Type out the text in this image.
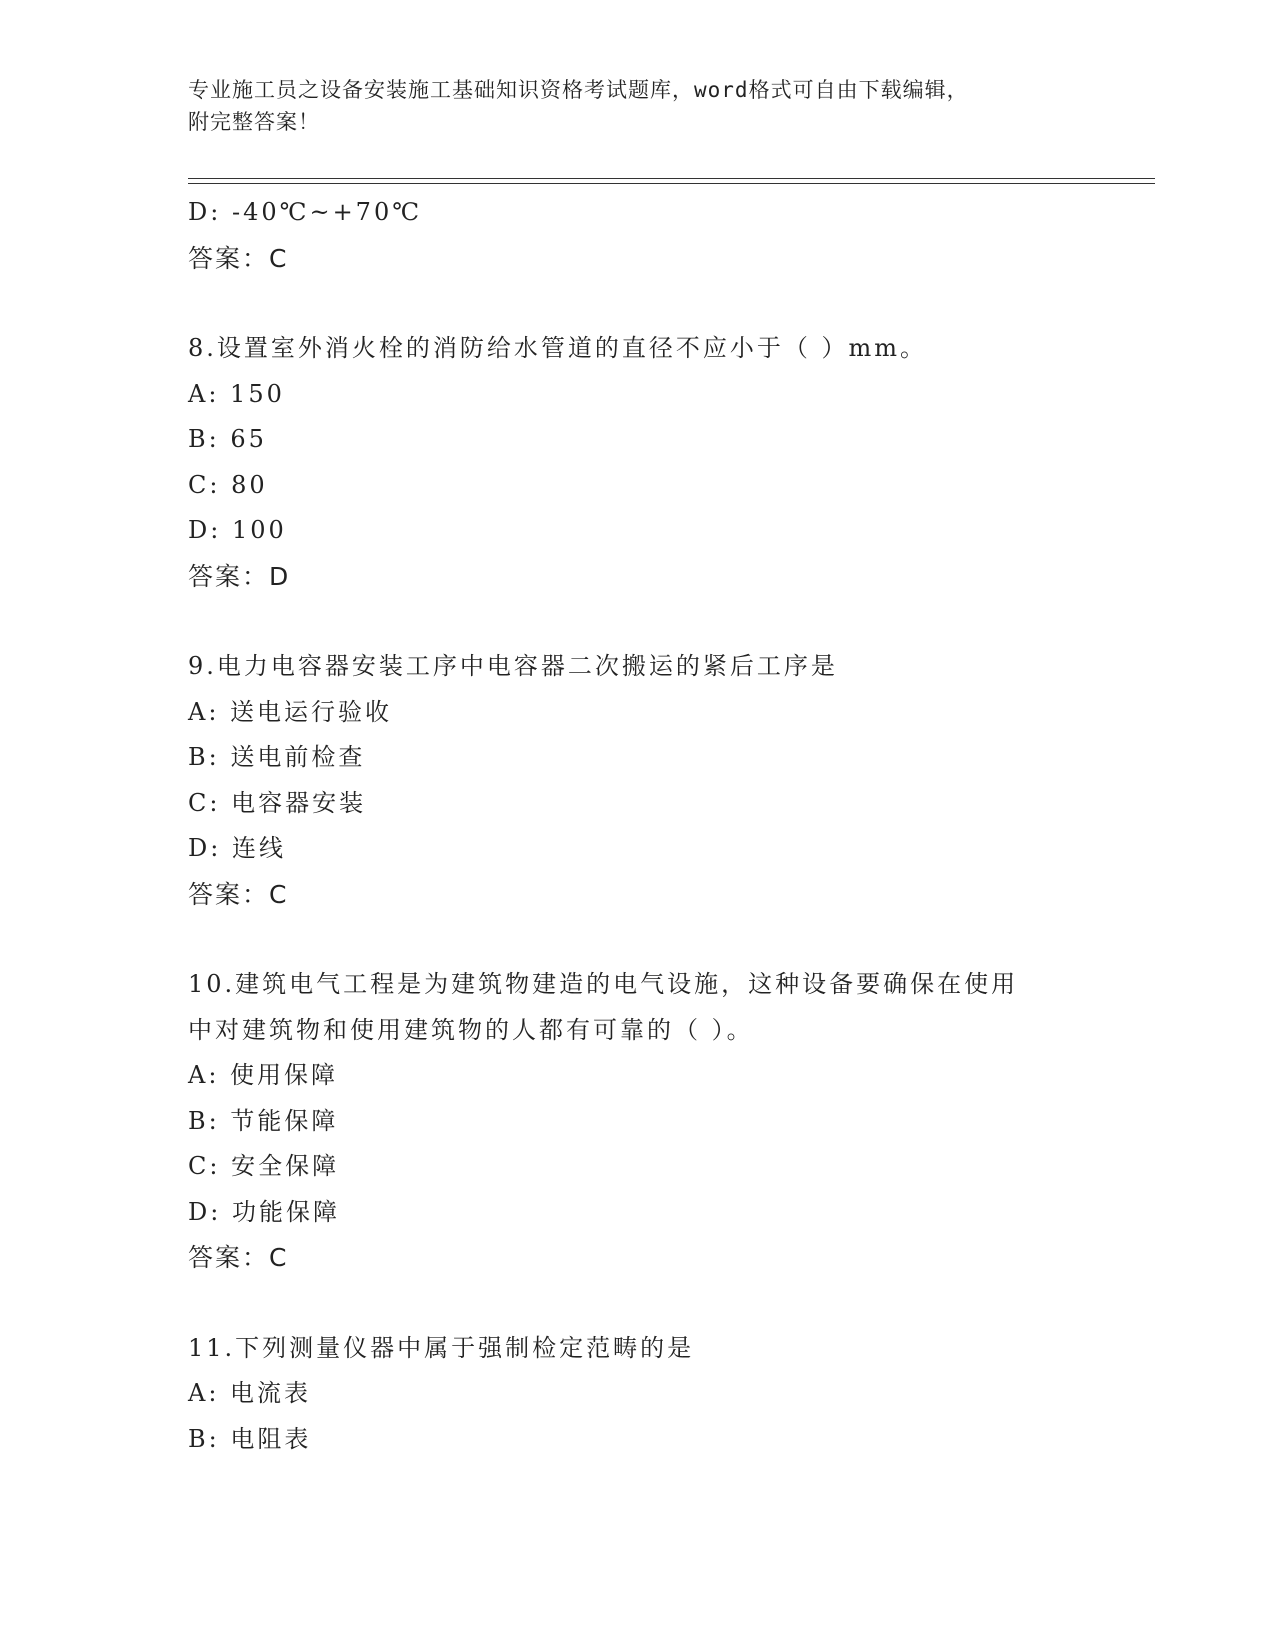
专业施工员之设备安装施工基础知识资格考试题库，word格式可自由下载编辑，
附完整答案！
D: -40℃~+70℃
答案：C
8.设置室外消火栓的消防给水管道的直径不应小于（ ）mm。
A: 150
B: 65
C: 80
D: 100
答案：D
9.电力电容器安装工序中电容器二次搬运的紧后工序是
A: 送电运行验收
B: 送电前检查
C: 电容器安装
D: 连线
答案：C
10.建筑电气工程是为建筑物建造的电气设施，这种设备要确保在使用
中对建筑物和使用建筑物的人都有可靠的（ ）。
A: 使用保障
B: 节能保障
C: 安全保障
D: 功能保障
答案：C
11.下列测量仪器中属于强制检定范畴的是
A: 电流表
B: 电阻表
